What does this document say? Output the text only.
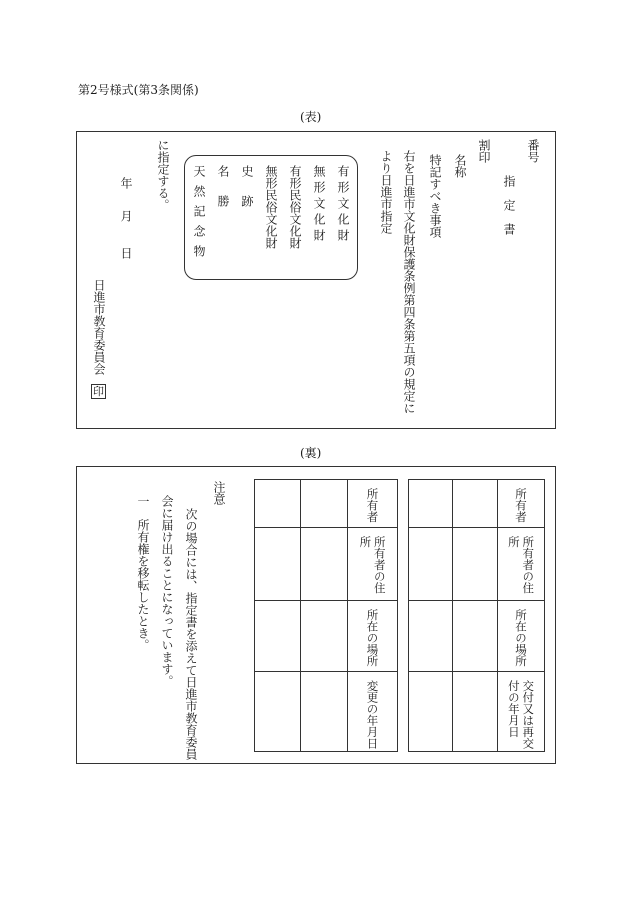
第2号様式(第3条関係)
(表)
番号
指　定　書
割印
名称
特記すべき事項
右を日進市文化財保護条例第四条第五項の規定に
より日進市指定
有形文化財
無形文化財
有形民俗文化財
無形民俗文化財
史跡
名勝
天然記念物
に指定する。
年
月
日
日進市教育委員会
印
(裏)

		所有者

		所有者の住所

		所在の場所

		交付又は再交付の年月日

		所有者

		所有者の住所

		所在の場所

		変更の年月日
注意
次の場合には、指定書を添えて日進市教育委員
会に届け出ることになっています。
一　所有権を移転したとき。
